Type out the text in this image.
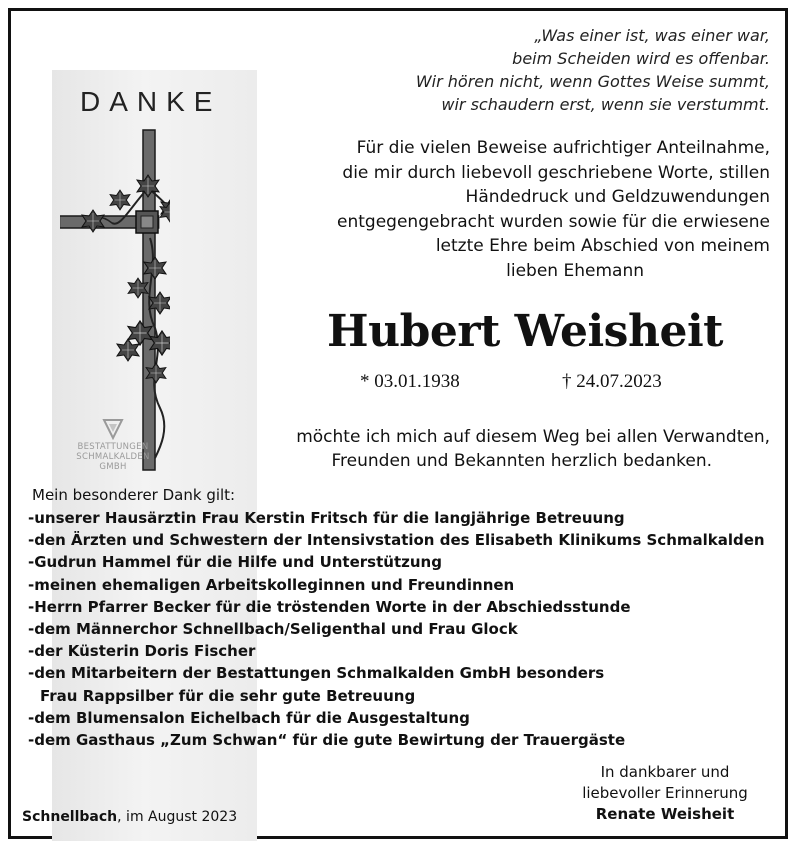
DANKE
BESTATTUNGEN
SCHMALKALDEN
GMBH
„Was einer ist, was einer war,
beim Scheiden wird es offenbar.
Wir hören nicht, wenn Gottes Weise summt,
wir schaudern erst, wenn sie verstummt.
Für die vielen Beweise aufrichtiger Anteilnahme,
die mir durch liebevoll geschriebene Worte, stillen
Händedruck und Geldzuwendungen
entgegengebracht wurden sowie für die erwiesene
letzte Ehre beim Abschied von meinem
lieben Ehemann
Hubert Weisheit
* 03.01.1938	† 24.07.2023
möchte ich mich auf diesem Weg bei allen Verwandten,
Freunden und Bekannten herzlich bedanken.
Mein besonderer Dank gilt:
-unserer Hausärztin Frau Kerstin Fritsch für die langjährige Betreuung
-den Ärzten und Schwestern der Intensivstation des Elisabeth Klinikums Schmalkalden
-Gudrun Hammel für die Hilfe und Unterstützung
-meinen ehemaligen Arbeitskolleginnen und Freundinnen
-Herrn Pfarrer Becker für die tröstenden Worte in der Abschiedsstunde
-dem Männerchor Schnellbach/Seligenthal und Frau Glock
-der Küsterin Doris Fischer
-den Mitarbeitern der Bestattungen Schmalkalden GmbH besonders
Frau Rappsilber für die sehr gute Betreuung
-dem Blumensalon Eichelbach für die Ausgestaltung
-dem Gasthaus „Zum Schwan“ für die gute Bewirtung der Trauergäste
In dankbarer und
liebevoller Erinnerung
Renate Weisheit
Schnellbach, im August 2023
